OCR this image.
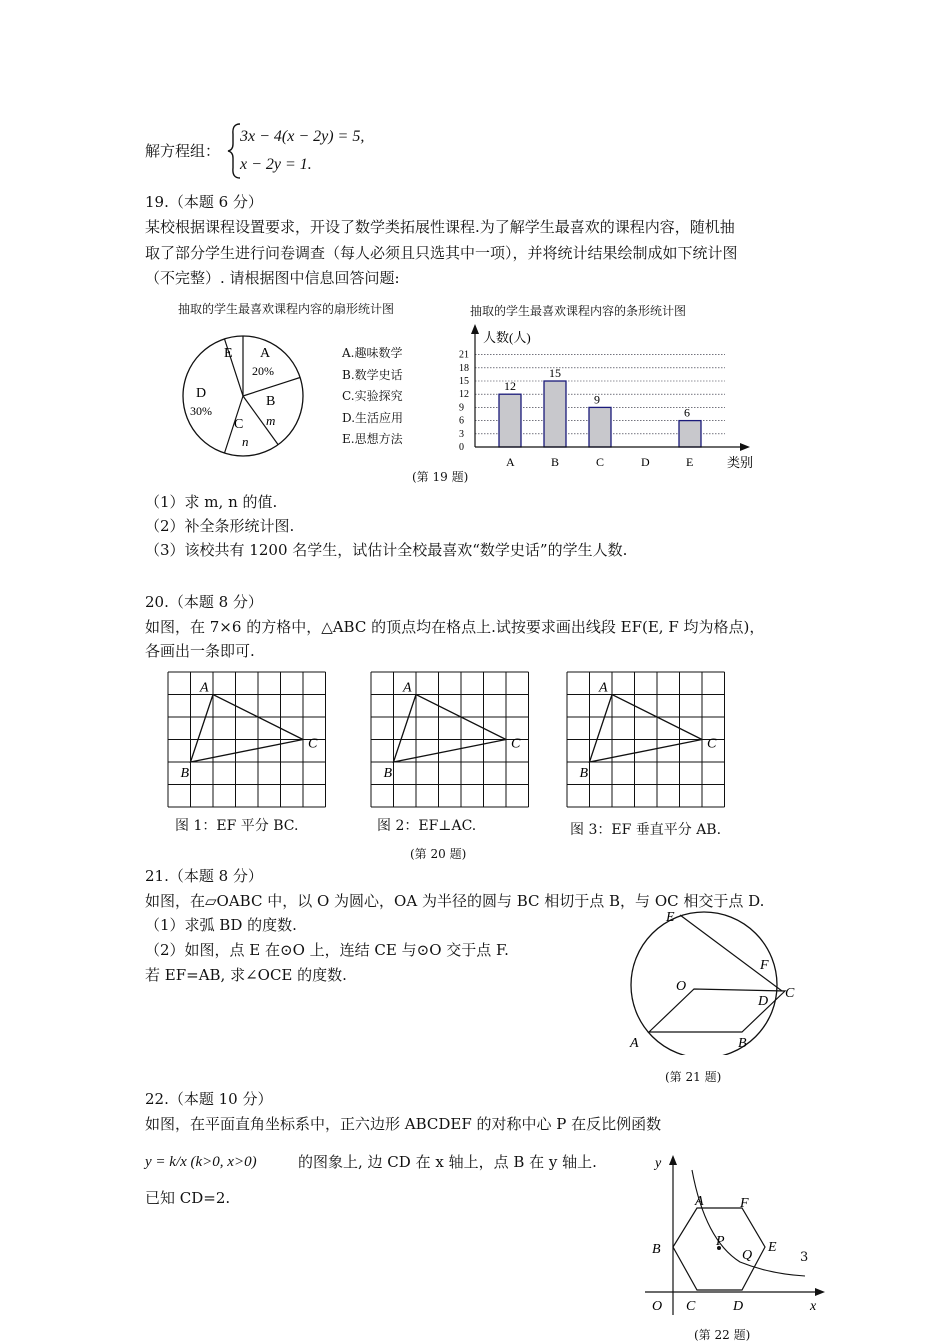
解方程组：
3x − 4(x − 2y) = 5,
x − 2y = 1.
19.（本题 6 分）
某校根据课程设置要求，开设了数学类拓展性课程.为了解学生最喜欢的课程内容，随机抽
取了部分学生进行问卷调查（每人必须且只选其中一项），并将统计结果绘制成如下统计图
（不完整）. 请根据图中信息回答问题:
抽取的学生最喜欢课程内容的扇形统计图	抽取的学生最喜欢课程内容的条形统计图
A
20%
B
m
C
n
D
30%
E	A.趣味数学
B.数学史话
C.实验探究
D.生活应用
E.思想方法
0
3
6
9
12
15
18
21
12
A
15
B
9
C	D
6
E
人数(人)
类别
(第 19 题)
（1）求 m, n 的值.
（2）补全条形统计图.
（3）该校共有 1200 名学生，试估计全校最喜欢“数学史话”的学生人数.
20.（本题 8 分）
如图，在 7×6 的方格中，△ABC 的顶点均在格点上.试按要求画出线段 EF(E, F 均为格点)，
各画出一条即可.
A
B
C
A
B
C
A
B
C
图 1：EF 平分 BC.	图 2：EF⊥AC.	图 3：EF 垂直平分 AB.
(第 20 题)
21.（本题 8 分）
如图，在▱OABC 中，以 O 为圆心，OA 为半径的圆与 BC 相切于点 B，与 OC 相交于点 D.
（1）求弧 BD 的度数.
（2）如图，点 E 在⊙O 上，连结 CE 与⊙O 交于点 F.
若 EF=AB, 求∠OCE 的度数.
E
F
O
D
C
A	B
(第 21 题)
22.（本题 10 分）
如图，在平面直角坐标系中，正六边形 ABCDEF 的对称中心 P 在反比例函数
y = k/x (k>0, x>0)	的图象上, 边 CD 在 x 轴上，点 B 在 y 轴上.
已知 CD=2.
y
x
A	F
B
P
Q
E
O C	D
(第 22 题)
3
